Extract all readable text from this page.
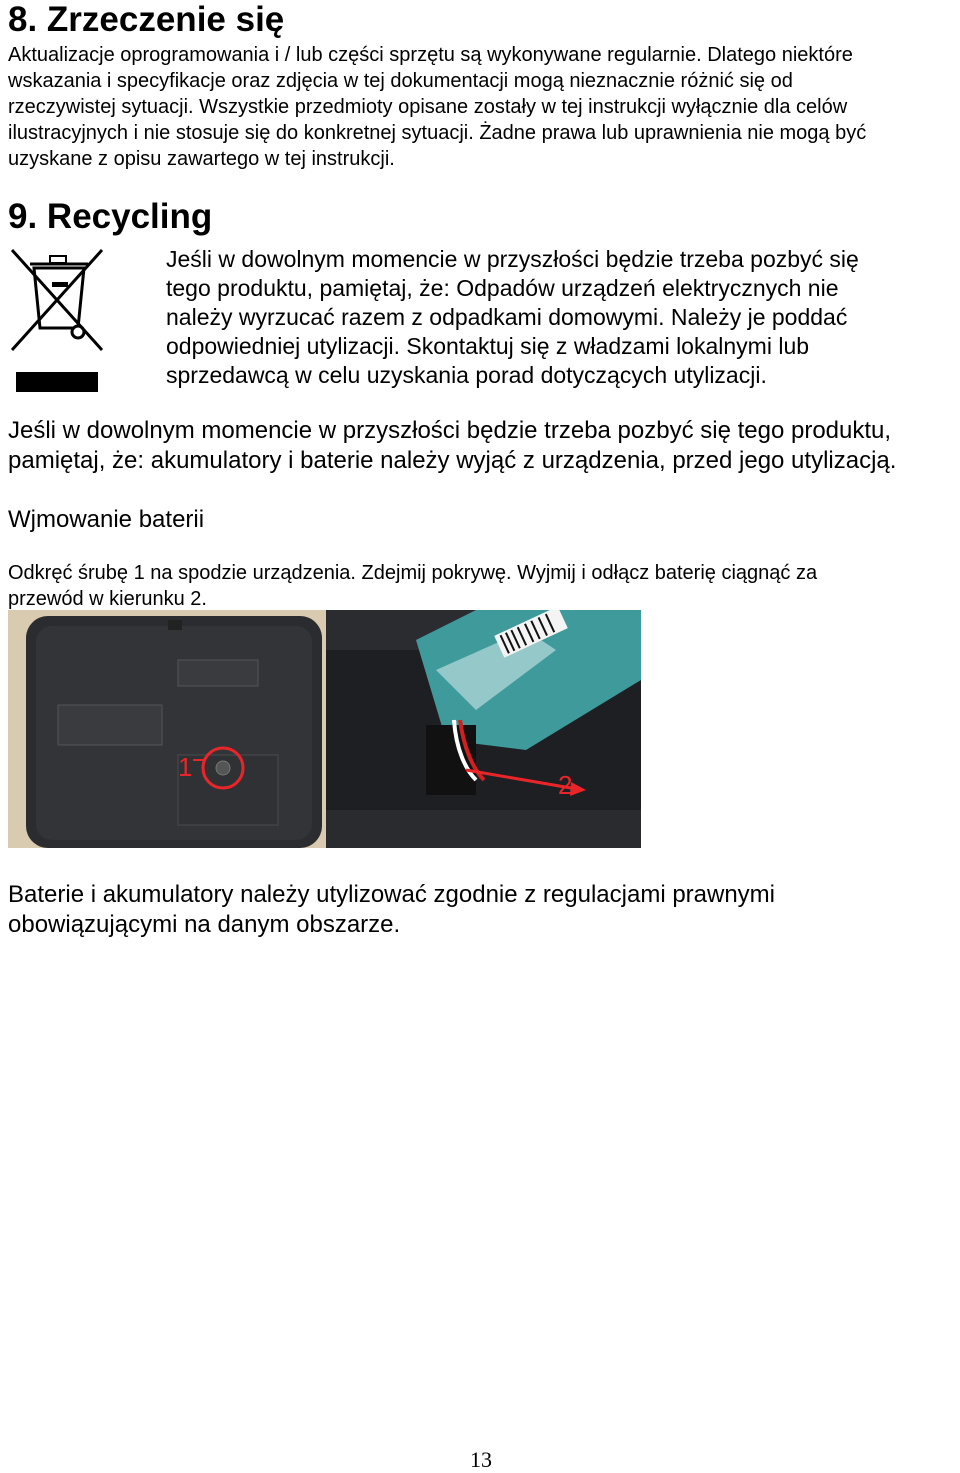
8. Zrzeczenie się
Aktualizacje oprogramowania i / lub części sprzętu są wykonywane regularnie. Dlatego niektóre
wskazania i specyfikacje oraz zdjęcia w tej dokumentacji mogą nieznacznie różnić się od
rzeczywistej sytuacji. Wszystkie przedmioty opisane zostały w tej instrukcji wyłącznie dla celów
ilustracyjnych i nie stosuje się do konkretnej sytuacji. Żadne prawa lub uprawnienia nie mogą być
uzyskane z opisu zawartego w tej instrukcji.
9. Recycling
Jeśli w dowolnym momencie w przyszłości będzie trzeba pozbyć się
tego produktu, pamiętaj, że: Odpadów urządzeń elektrycznych nie
należy wyrzucać razem z odpadkami domowymi. Należy je poddać
odpowiedniej utylizacji. Skontaktuj się z władzami lokalnymi lub
sprzedawcą w celu uzyskania porad dotyczących utylizacji.
Jeśli w dowolnym momencie w przyszłości będzie trzeba pozbyć się tego produktu,
pamiętaj, że: akumulatory i baterie należy wyjąć z urządzenia, przed jego utylizacją.
Wjmowanie baterii
Odkręć śrubę 1 na spodzie urządzenia. Zdejmij pokrywę. Wyjmij i odłącz baterię ciągnąć za
przewód w kierunku 2.
1
2
Baterie i akumulatory należy utylizować zgodnie z regulacjami prawnymi
obowiązującymi na danym obszarze.
13
